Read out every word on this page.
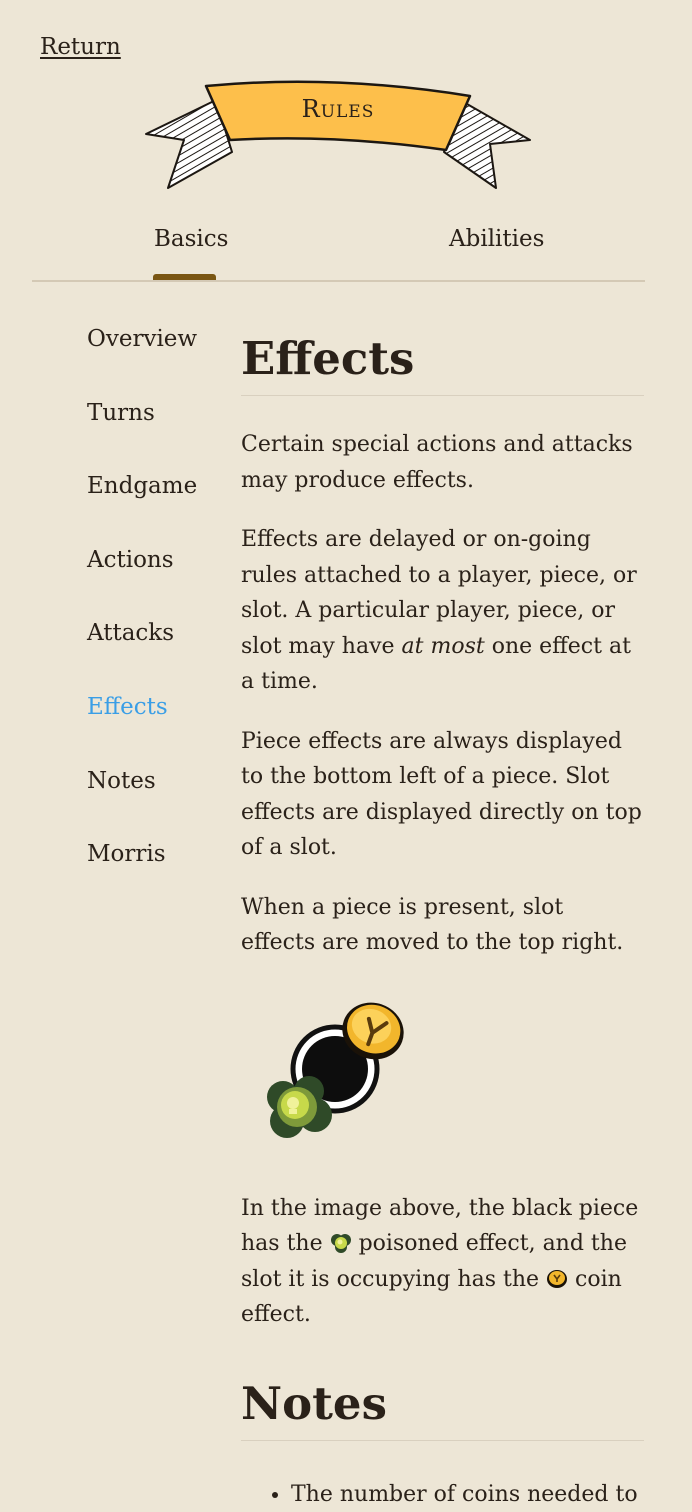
Return
Rules
Basics	Abilities
Overview
Turns
Endgame
Actions
Attacks
Effects
Notes
Morris
Effects

Certain special actions and attacks may produce effects.

Effects are delayed or on-going rules attached to a player, piece, or slot. A particular player, piece, or slot may have at most one effect at a time.

Piece effects are always displayed to the bottom left of a piece. Slot effects are displayed directly on top of a slot.

When a piece is present, slot effects are moved to the top right.

In the image above, the black piece has the  poisoned effect, and the slot it is occupying has the  coin effect.

Notes
• The number of coins needed to
